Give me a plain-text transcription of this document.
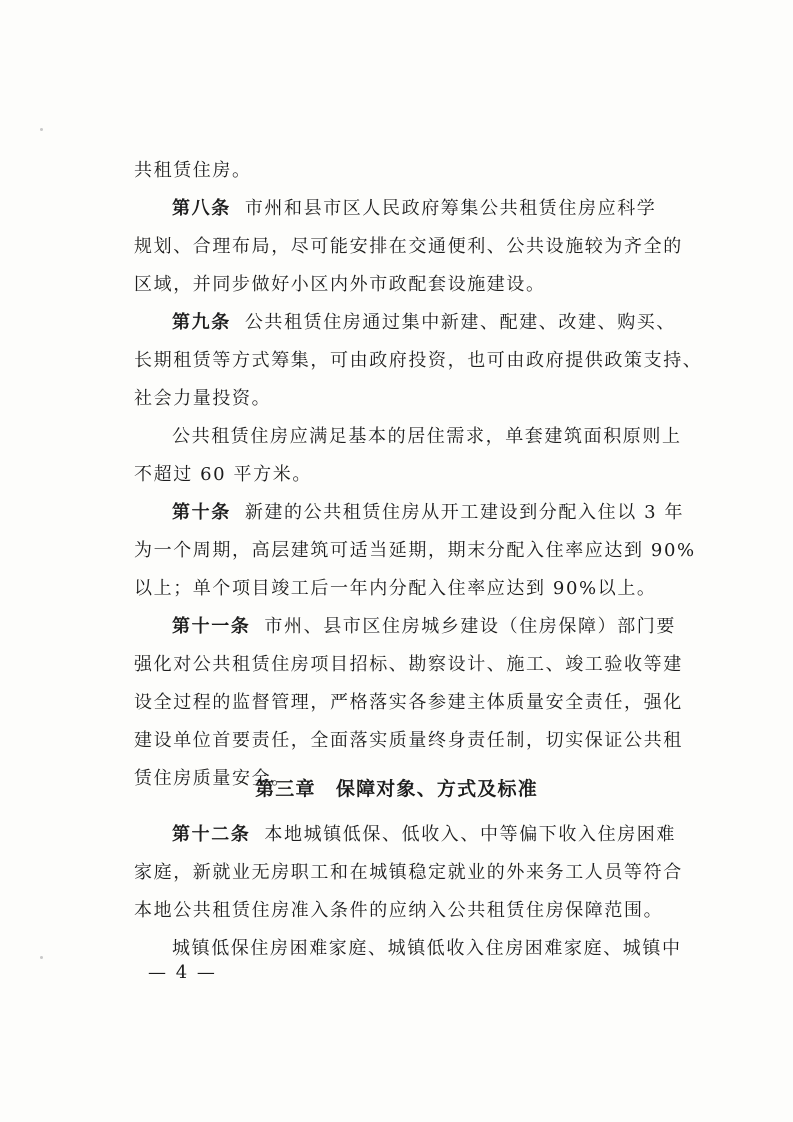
共租赁住房。
第八条 市州和县市区人民政府筹集公共租赁住房应科学
规划、合理布局，尽可能安排在交通便利、公共设施较为齐全的
区域，并同步做好小区内外市政配套设施建设。
第九条 公共租赁住房通过集中新建、配建、改建、购买、
长期租赁等方式筹集，可由政府投资，也可由政府提供政策支持、
社会力量投资。
公共租赁住房应满足基本的居住需求，单套建筑面积原则上
不超过 60 平方米。
第十条 新建的公共租赁住房从开工建设到分配入住以 3 年
为一个周期，高层建筑可适当延期，期末分配入住率应达到 90%
以上；单个项目竣工后一年内分配入住率应达到 90%以上。
第十一条 市州、县市区住房城乡建设（住房保障）部门要
强化对公共租赁住房项目招标、勘察设计、施工、竣工验收等建
设全过程的监督管理，严格落实各参建主体质量安全责任，强化
建设单位首要责任，全面落实质量终身责任制，切实保证公共租
赁住房质量安全。
第三章　保障对象、方式及标准
第十二条 本地城镇低保、低收入、中等偏下收入住房困难
家庭，新就业无房职工和在城镇稳定就业的外来务工人员等符合
本地公共租赁住房准入条件的应纳入公共租赁住房保障范围。
城镇低保住房困难家庭、城镇低收入住房困难家庭、城镇中
— 4 —
